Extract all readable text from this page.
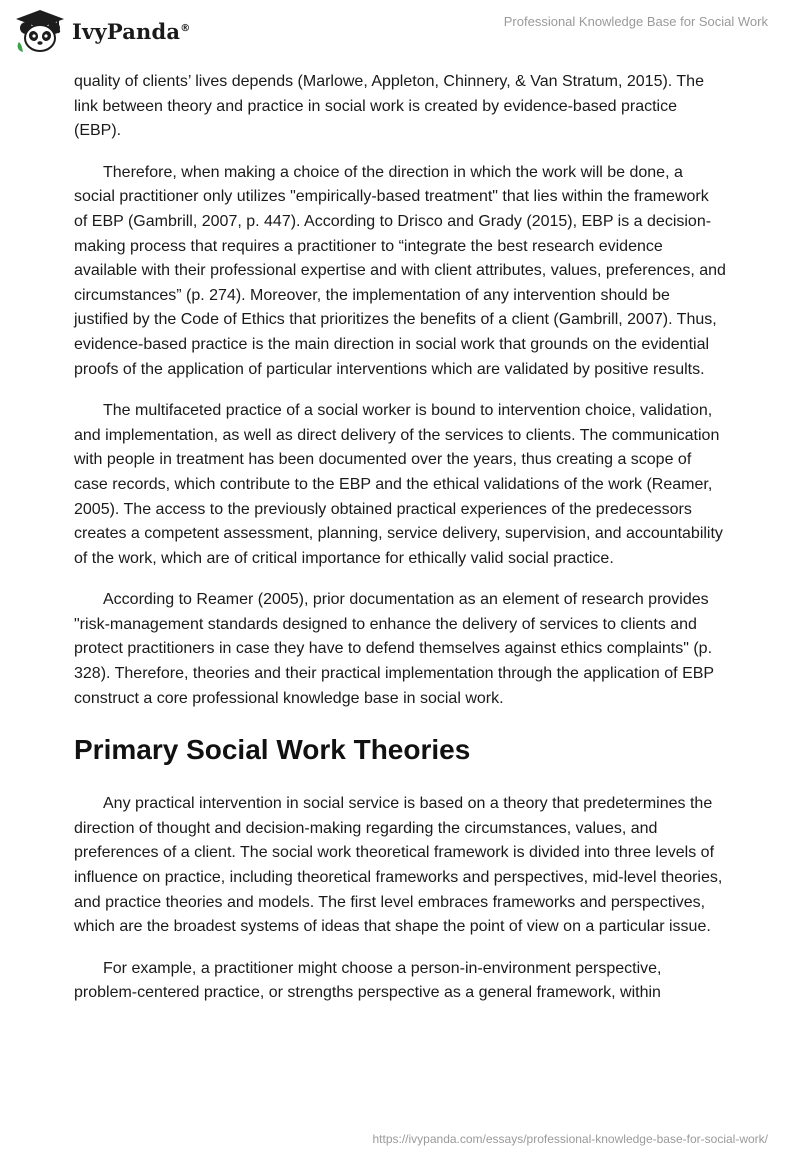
IvyPanda®	Professional Knowledge Base for Social Work

quality of clients’ lives depends (Marlowe, Appleton, Chinnery, & Van Stratum, 2015). The link between theory and practice in social work is created by evidence-based practice (EBP).

Therefore, when making a choice of the direction in which the work will be done, a social practitioner only utilizes "empirically-based treatment" that lies within the framework of EBP (Gambrill, 2007, p. 447). According to Drisco and Grady (2015), EBP is a decision-making process that requires a practitioner to “integrate the best research evidence available with their professional expertise and with client attributes, values, preferences, and circumstances” (p. 274). Moreover, the implementation of any intervention should be justified by the Code of Ethics that prioritizes the benefits of a client (Gambrill, 2007). Thus, evidence-based practice is the main direction in social work that grounds on the evidential proofs of the application of particular interventions which are validated by positive results.

The multifaceted practice of a social worker is bound to intervention choice, validation, and implementation, as well as direct delivery of the services to clients. The communication with people in treatment has been documented over the years, thus creating a scope of case records, which contribute to the EBP and the ethical validations of the work (Reamer, 2005). The access to the previously obtained practical experiences of the predecessors creates a competent assessment, planning, service delivery, supervision, and accountability of the work, which are of critical importance for ethically valid social practice.

According to Reamer (2005), prior documentation as an element of research provides "risk-management standards designed to enhance the delivery of services to clients and protect practitioners in case they have to defend themselves against ethics complaints" (p. 328). Therefore, theories and their practical implementation through the application of EBP construct a core professional knowledge base in social work.

Primary Social Work Theories

Any practical intervention in social service is based on a theory that predetermines the direction of thought and decision-making regarding the circumstances, values, and preferences of a client. The social work theoretical framework is divided into three levels of influence on practice, including theoretical frameworks and perspectives, mid-level theories, and practice theories and models. The first level embraces frameworks and perspectives, which are the broadest systems of ideas that shape the point of view on a particular issue.

For example, a practitioner might choose a person-in-environment perspective, problem-centered practice, or strengths perspective as a general framework, within

https://ivypanda.com/essays/professional-knowledge-base-for-social-work/
